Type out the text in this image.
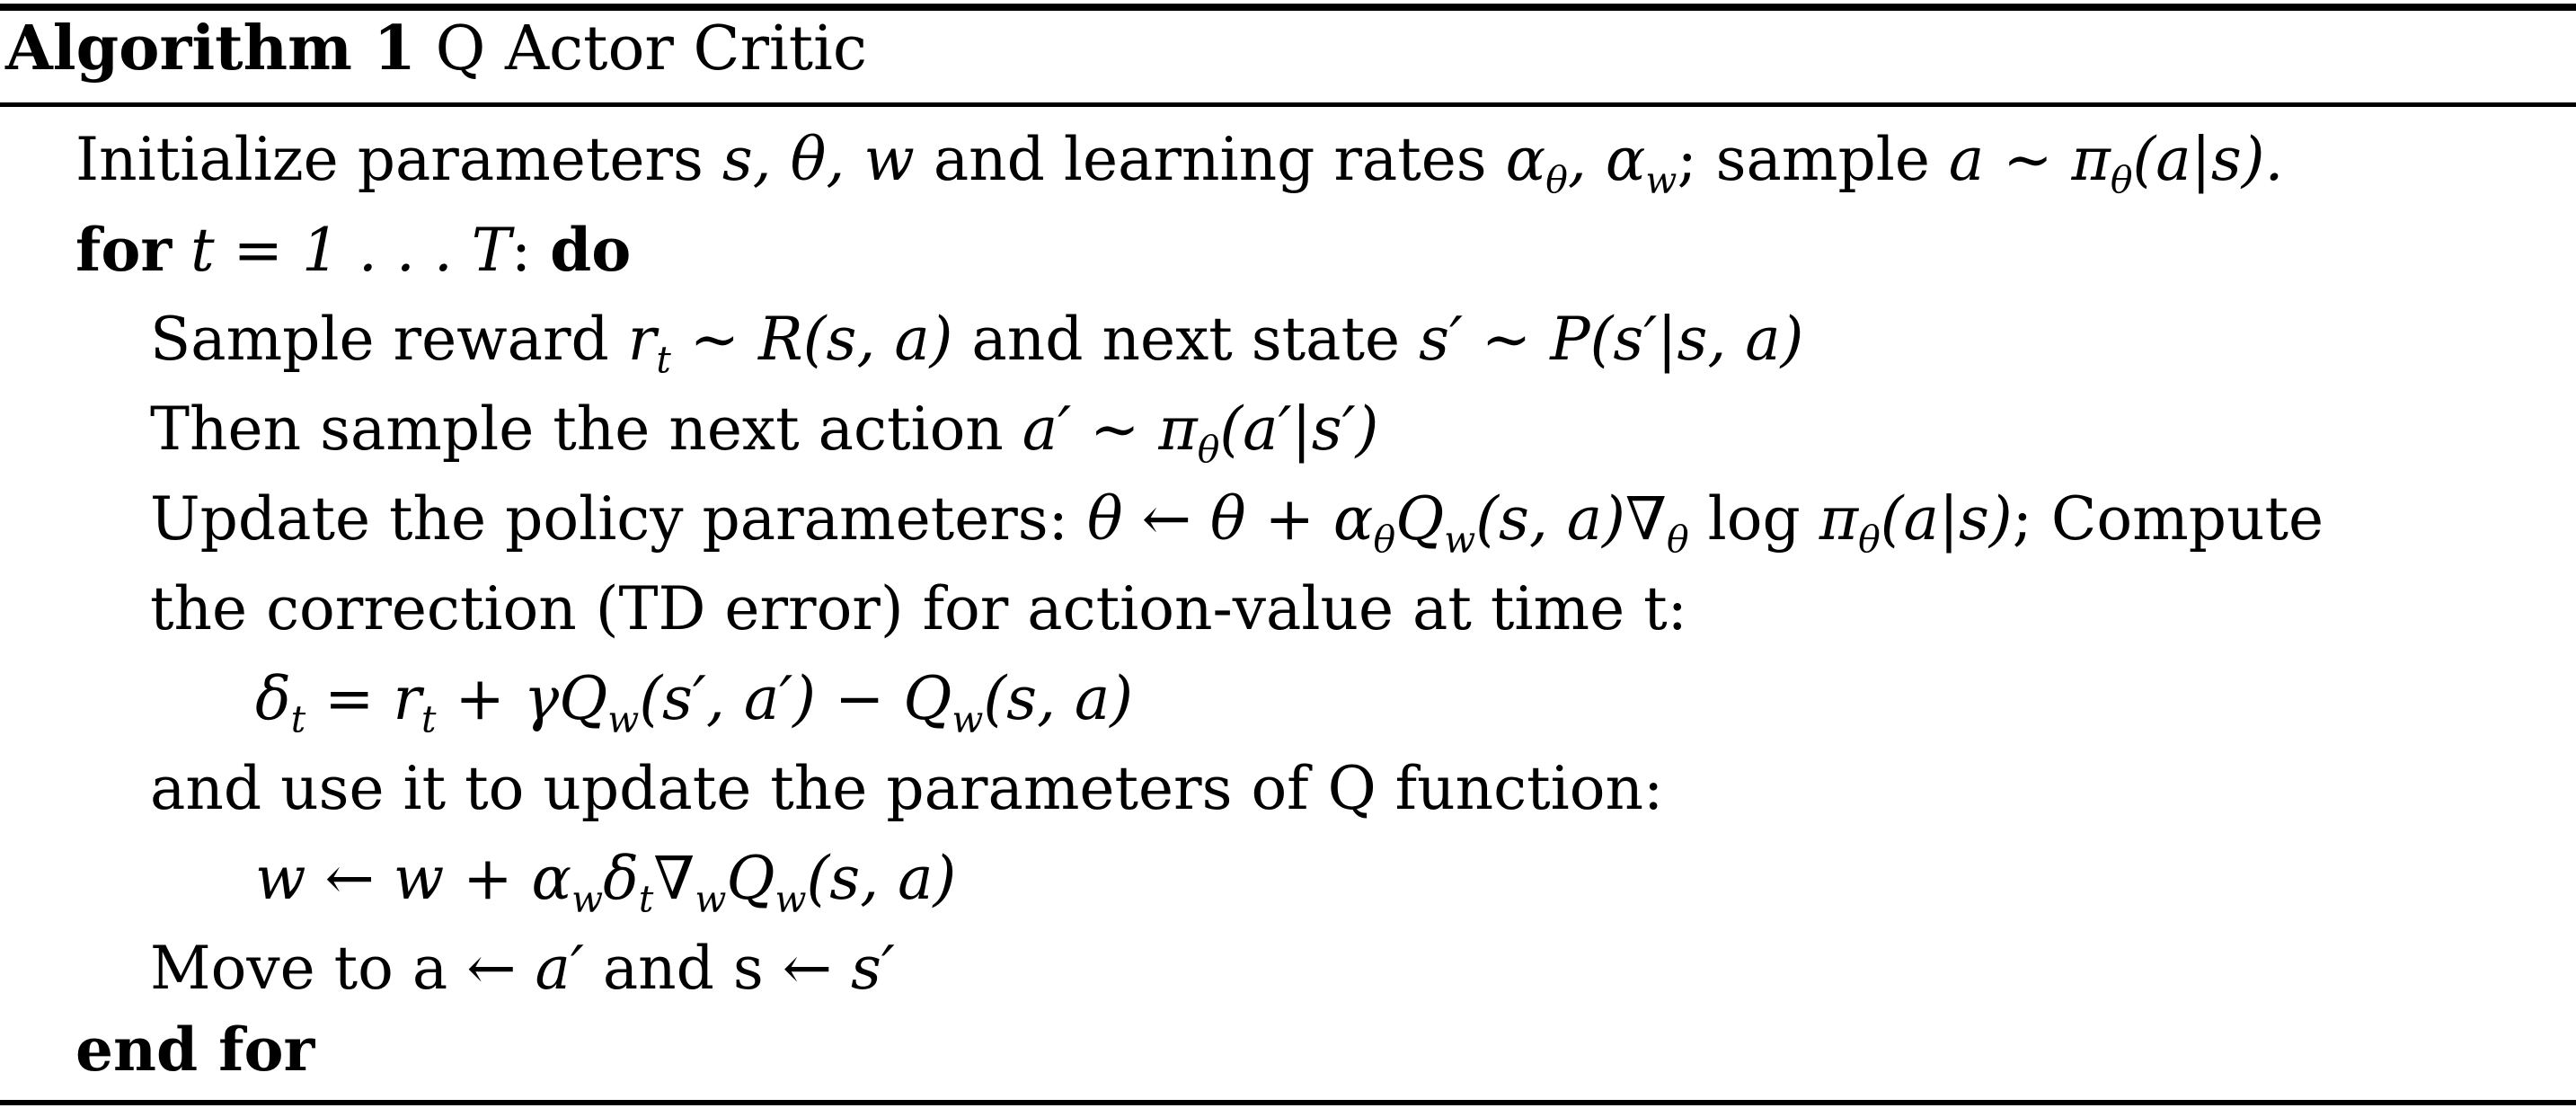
Algorithm 1 Q Actor Critic
Initialize parameters s, θ, w and learning rates $\alpha_\theta$, $\alpha_w$; sample a ∼ $\pi_\theta(a|s)$.
for t = 1 . . . T: do
Sample reward $r_t$ ∼ R(s, a) and next state s′ ∼ P(s′|s, a)
Then sample the next action a′ ∼ $\pi_\theta(a'|s')$
Update the policy parameters: θ ← $\theta + \alpha_\theta Q_w(s$, $a)\nabla_\theta$ $\log \pi_\theta(a|s)$; Compute
the correction (TD error) for action-value at time t:
$\delta_t = r_t + \gamma Q_w(s'$, $a') - Q_w(s$, a)
and use it to update the parameters of Q function:
w ← $w + \alpha_w\delta_t\nabla_wQ_w(s$, a)
Move to a ← a′ and s ← s′
end for
